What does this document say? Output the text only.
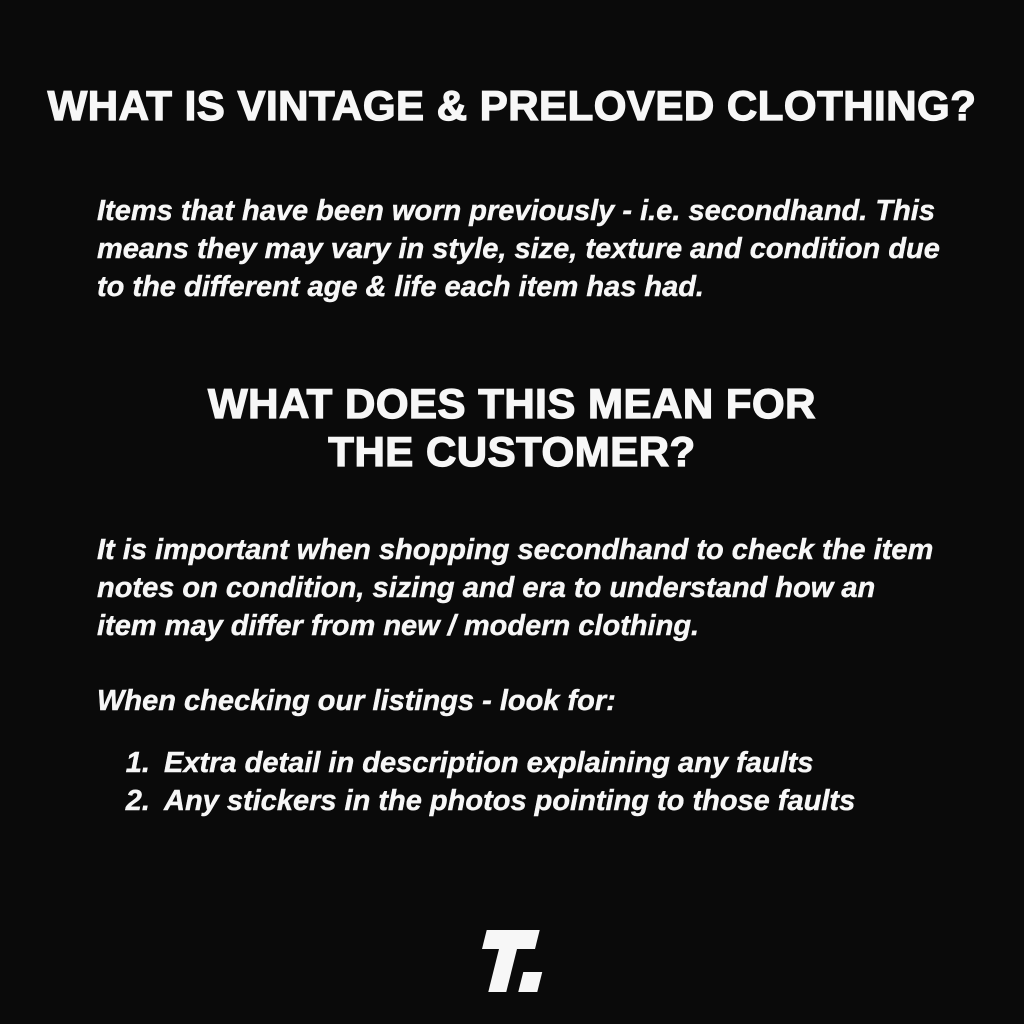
WHAT IS VINTAGE & PRELOVED CLOTHING?

Items that have been worn previously - i.e. secondhand. This means they may vary in style, size, texture and condition due to the different age & life each item has had.

WHAT DOES THIS MEAN FOR THE CUSTOMER?

It is important when shopping secondhand to check the item notes on condition, sizing and era to understand how an item may differ from new / modern clothing.

When checking our listings - look for:

1. Extra detail in description explaining any faults
2. Any stickers in the photos pointing to those faults
